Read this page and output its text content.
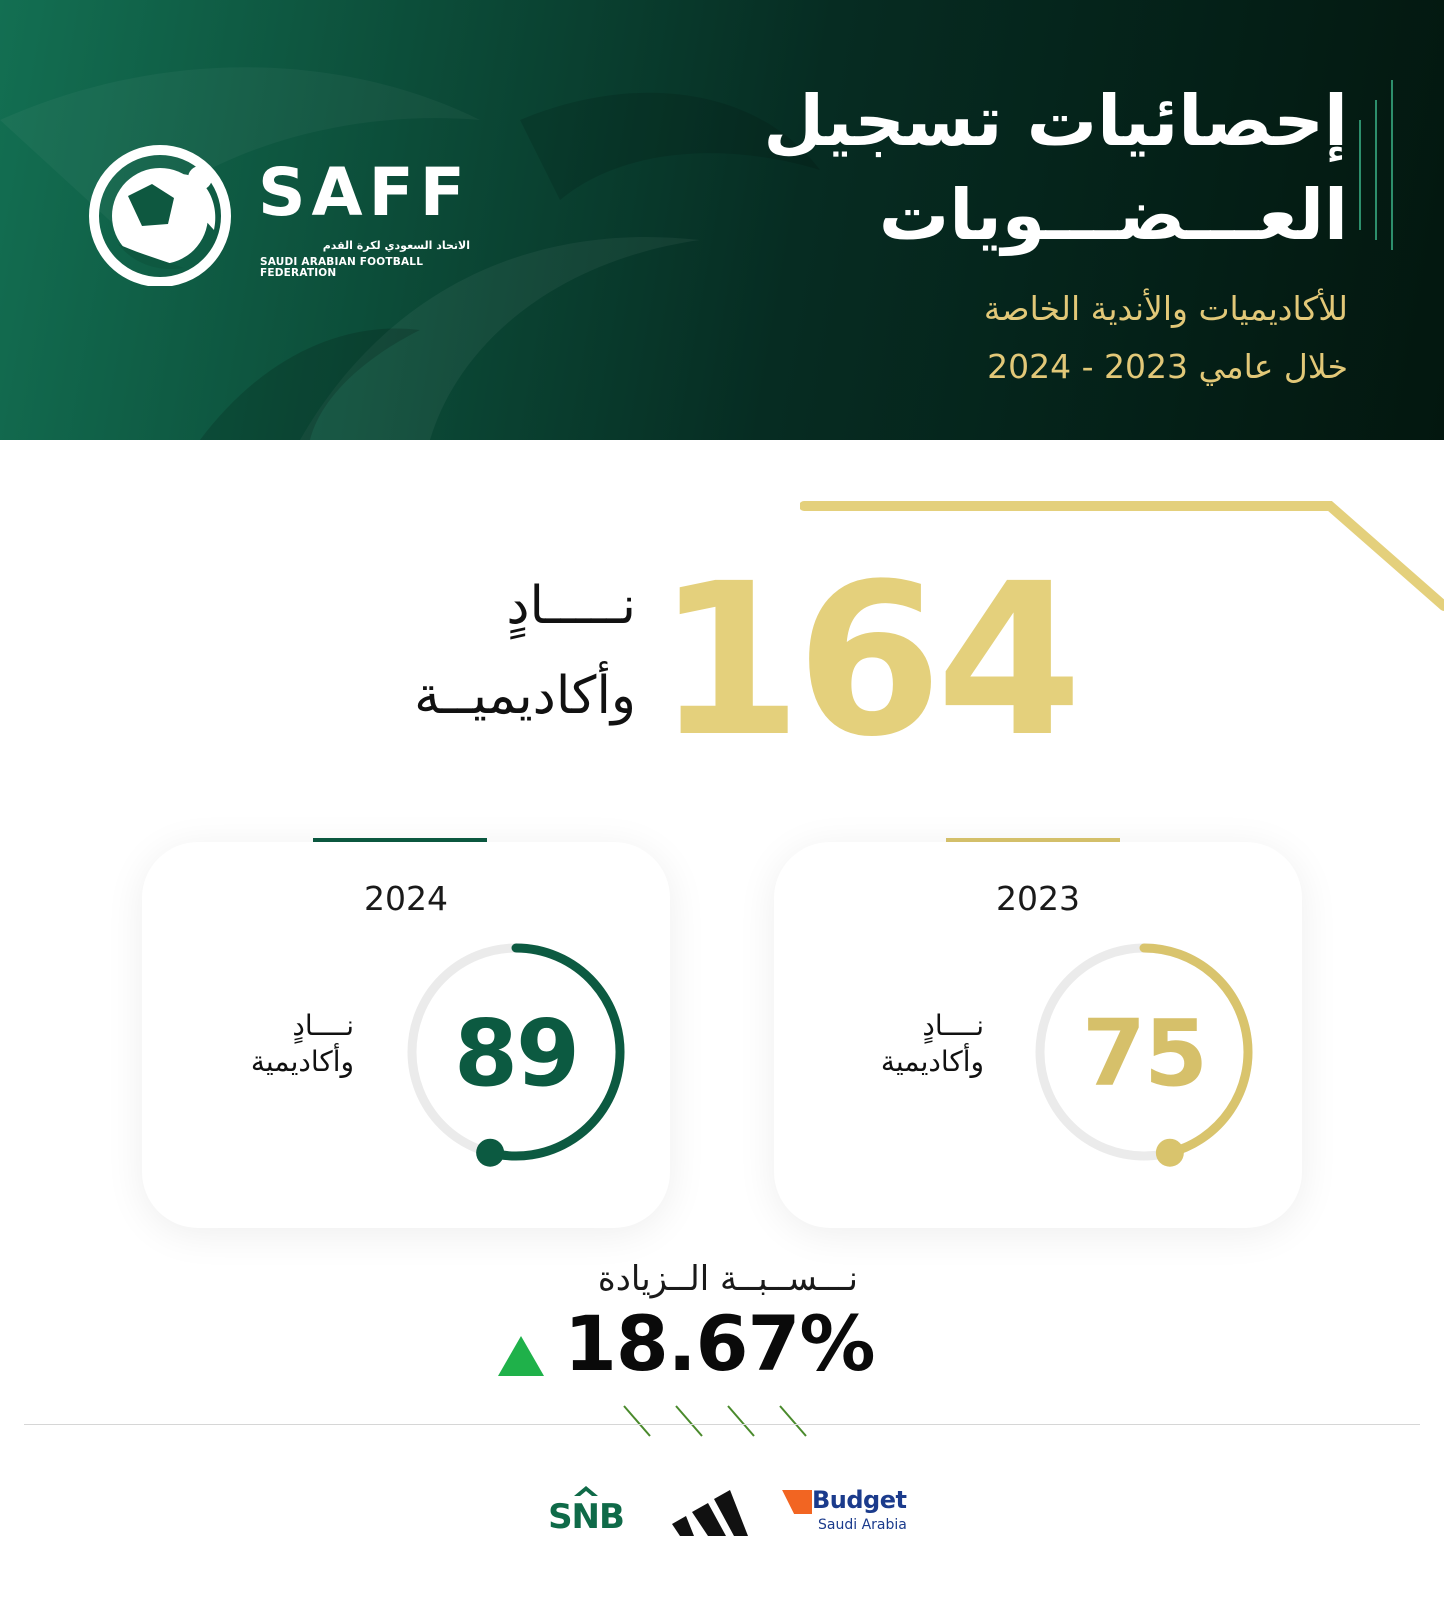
SAFF
الاتحاد السعودي لكرة القدم
SAUDI ARABIAN FOOTBALL FEDERATION
إحصائيات تسجيل
العـــضـــويات
للأكاديميات والأندية الخاصة
خلال عامي 2023 - 2024
164
نـــــادٍ
وأكاديميــة
2024
نــــادٍ
وأكاديمية	89
2023
نــــادٍ
وأكاديمية	75
نـــســبــة الــزيادة
18.67%
SNB	Budget
Saudi Arabia
